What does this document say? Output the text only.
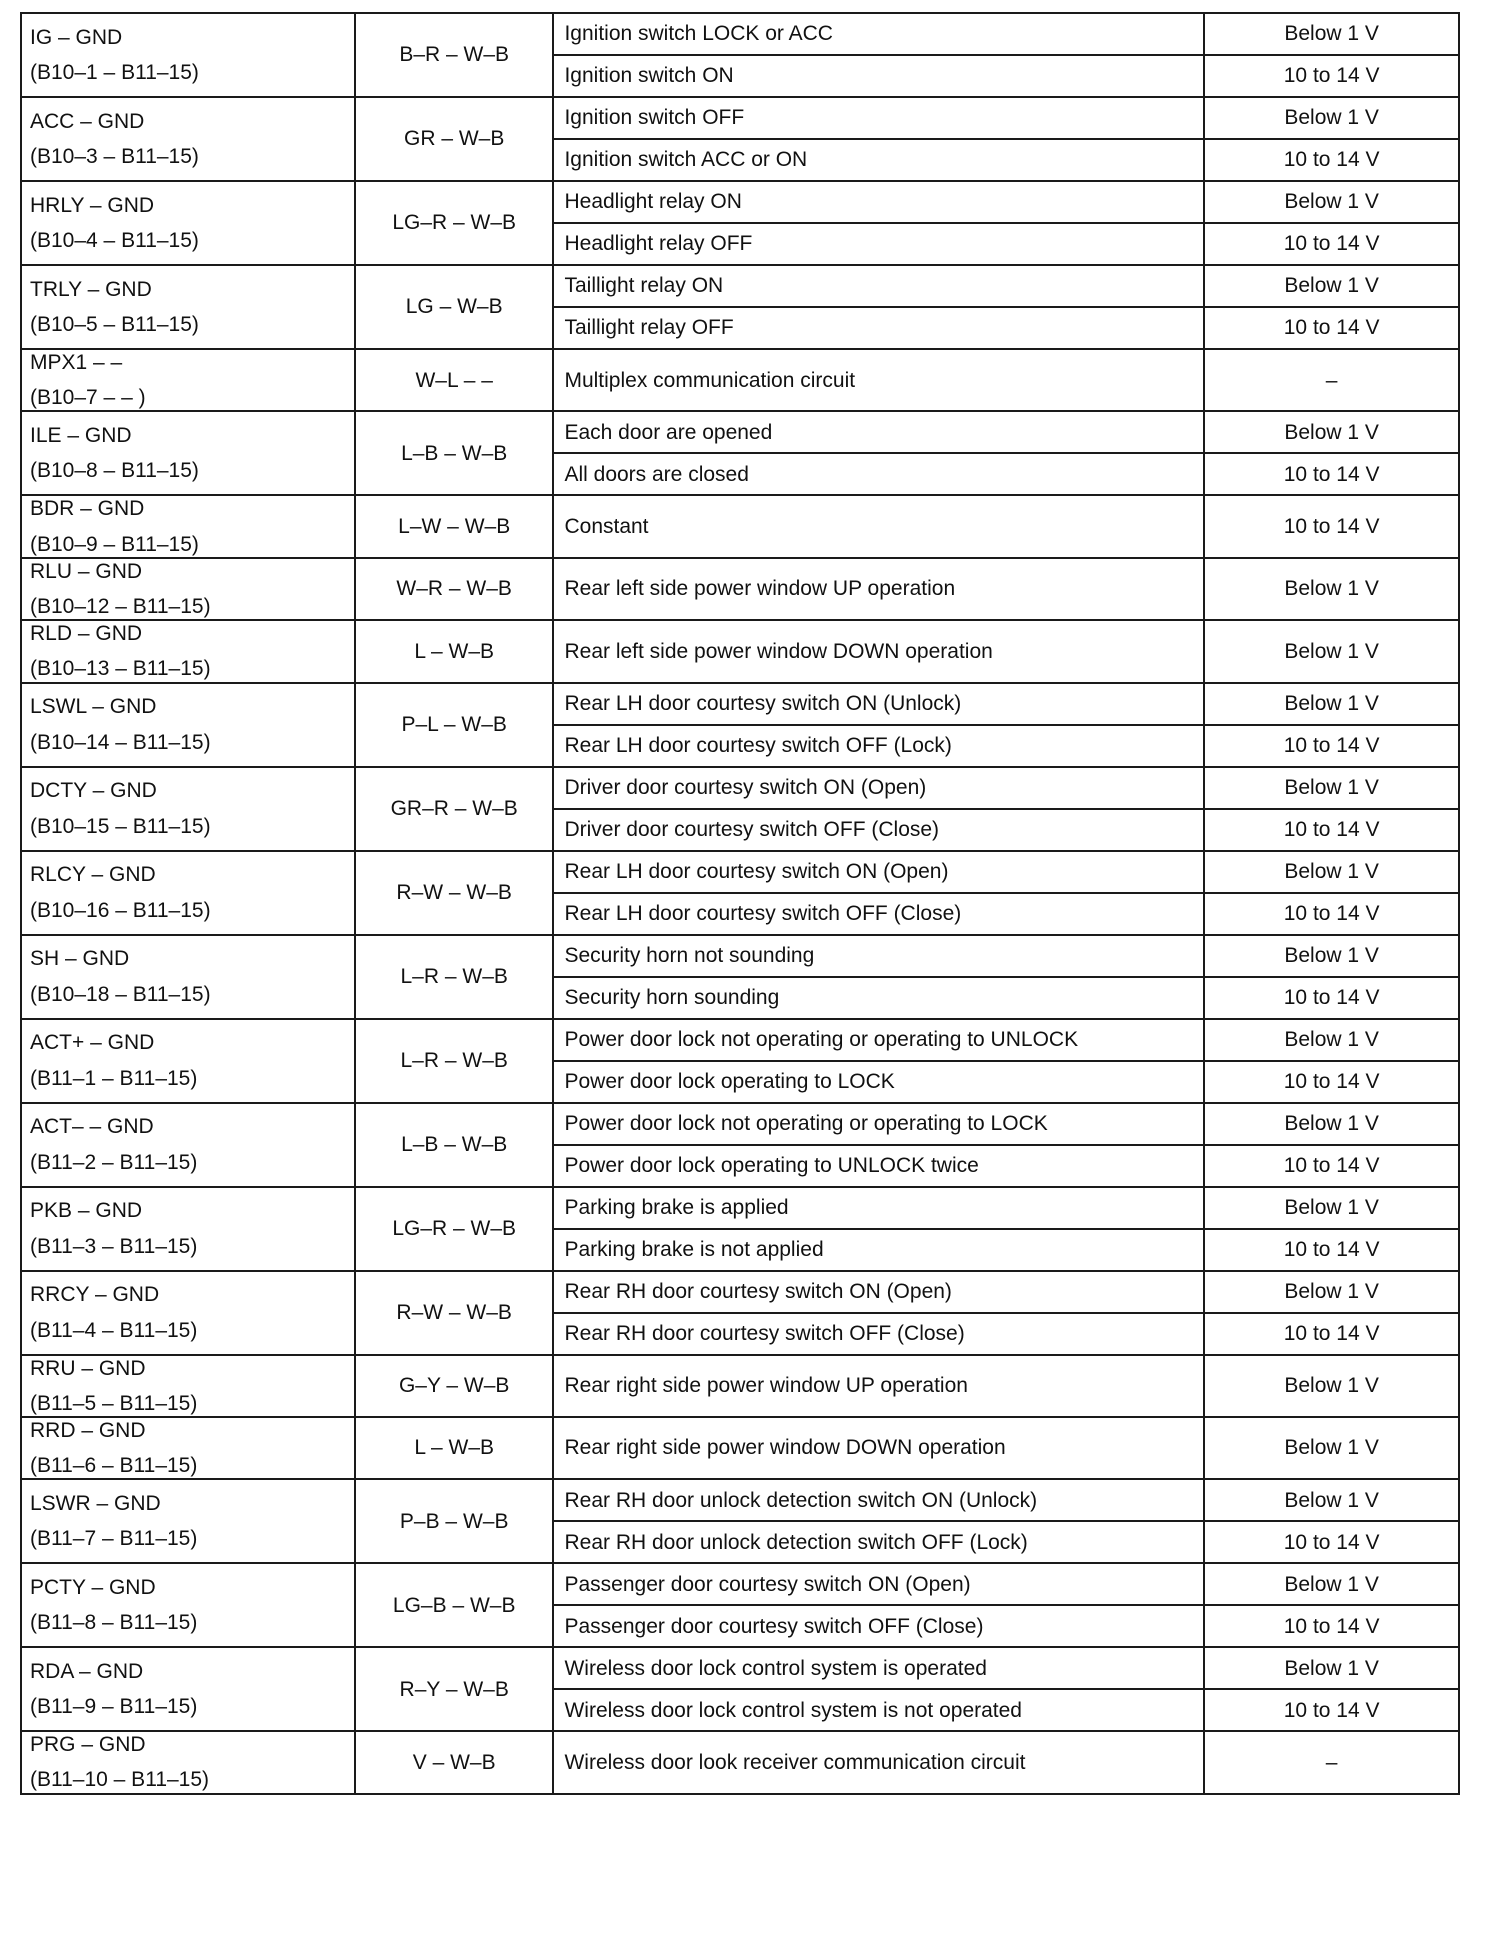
IG – GND
(B10–1 – B11–15)	B–R – W–B	Ignition switch LOCK or ACC	Below 1 V
		Ignition switch ON	10 to 14 V

ACC – GND
(B10–3 – B11–15)	GR – W–B	Ignition switch OFF	Below 1 V
		Ignition switch ACC or ON	10 to 14 V

HRLY – GND
(B10–4 – B11–15)	LG–R – W–B	Headlight relay ON	Below 1 V
		Headlight relay OFF	10 to 14 V

TRLY – GND
(B10–5 – B11–15)	LG – W–B	Taillight relay ON	Below 1 V
		Taillight relay OFF	10 to 14 V

MPX1 – –
(B10–7 – – )	W–L – –	Multiplex communication circuit	–

ILE – GND
(B10–8 – B11–15)	L–B – W–B	Each door are opened	Below 1 V
		All doors are closed	10 to 14 V

BDR – GND
(B10–9 – B11–15)	L–W – W–B	Constant	10 to 14 V

RLU – GND
(B10–12 – B11–15)	W–R – W–B	Rear left side power window UP operation	Below 1 V

RLD – GND
(B10–13 – B11–15)	L – W–B	Rear left side power window DOWN operation	Below 1 V

LSWL – GND
(B10–14 – B11–15)	P–L – W–B	Rear LH door courtesy switch ON (Unlock)	Below 1 V
		Rear LH door courtesy switch OFF (Lock)	10 to 14 V

DCTY – GND
(B10–15 – B11–15)	GR–R – W–B	Driver door courtesy switch ON (Open)	Below 1 V
		Driver door courtesy switch OFF (Close)	10 to 14 V

RLCY – GND
(B10–16 – B11–15)	R–W – W–B	Rear LH door courtesy switch ON (Open)	Below 1 V
		Rear LH door courtesy switch OFF (Close)	10 to 14 V

SH – GND
(B10–18 – B11–15)	L–R – W–B	Security horn not sounding	Below 1 V
		Security horn sounding	10 to 14 V

ACT+ – GND
(B11–1 – B11–15)	L–R – W–B	Power door lock not operating or operating to UNLOCK	Below 1 V
		Power door lock operating to LOCK	10 to 14 V

ACT– – GND
(B11–2 – B11–15)	L–B – W–B	Power door lock not operating or operating to LOCK	Below 1 V
		Power door lock operating to UNLOCK twice	10 to 14 V

PKB – GND
(B11–3 – B11–15)	LG–R – W–B	Parking brake is applied	Below 1 V
		Parking brake is not applied	10 to 14 V

RRCY – GND
(B11–4 – B11–15)	R–W – W–B	Rear RH door courtesy switch ON (Open)	Below 1 V
		Rear RH door courtesy switch OFF (Close)	10 to 14 V

RRU – GND
(B11–5 – B11–15)	G–Y – W–B	Rear right side power window UP operation	Below 1 V

RRD – GND
(B11–6 – B11–15)	L – W–B	Rear right side power window DOWN operation	Below 1 V

LSWR – GND
(B11–7 – B11–15)	P–B – W–B	Rear RH door unlock detection switch ON (Unlock)	Below 1 V
		Rear RH door unlock detection switch OFF (Lock)	10 to 14 V

PCTY – GND
(B11–8 – B11–15)	LG–B – W–B	Passenger door courtesy switch ON (Open)	Below 1 V
		Passenger door courtesy switch OFF (Close)	10 to 14 V

RDA – GND
(B11–9 – B11–15)	R–Y – W–B	Wireless door lock control system is operated	Below 1 V
		Wireless door lock control system is not operated	10 to 14 V

PRG – GND
(B11–10 – B11–15)	V – W–B	Wireless door look receiver communication circuit	–
